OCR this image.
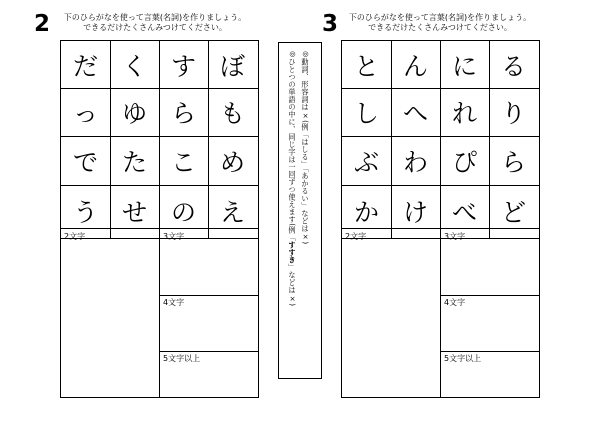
2	下のひらがなを使って言葉(名詞)を作りましょう。
できるだけたくさんみつけてください。
だ く す ぼ
っ ゆ ら も
で た こ め
う せ の え
2文字	3文字
4文字
5文字以上
◎ひとつの単語の中に、同じ字は一回ずつ使えます(例「すすき」などは×)
◎動詞、形容詞は×(例「はしる」「あかるい」などは×)
3	下のひらがなを使って言葉(名詞)を作りましょう。
できるだけたくさんみつけてください。
と ん に る
し へ れ り
ぶ わ ぴ ら
か け べ ど
2文字	3文字
4文字
5文字以上
